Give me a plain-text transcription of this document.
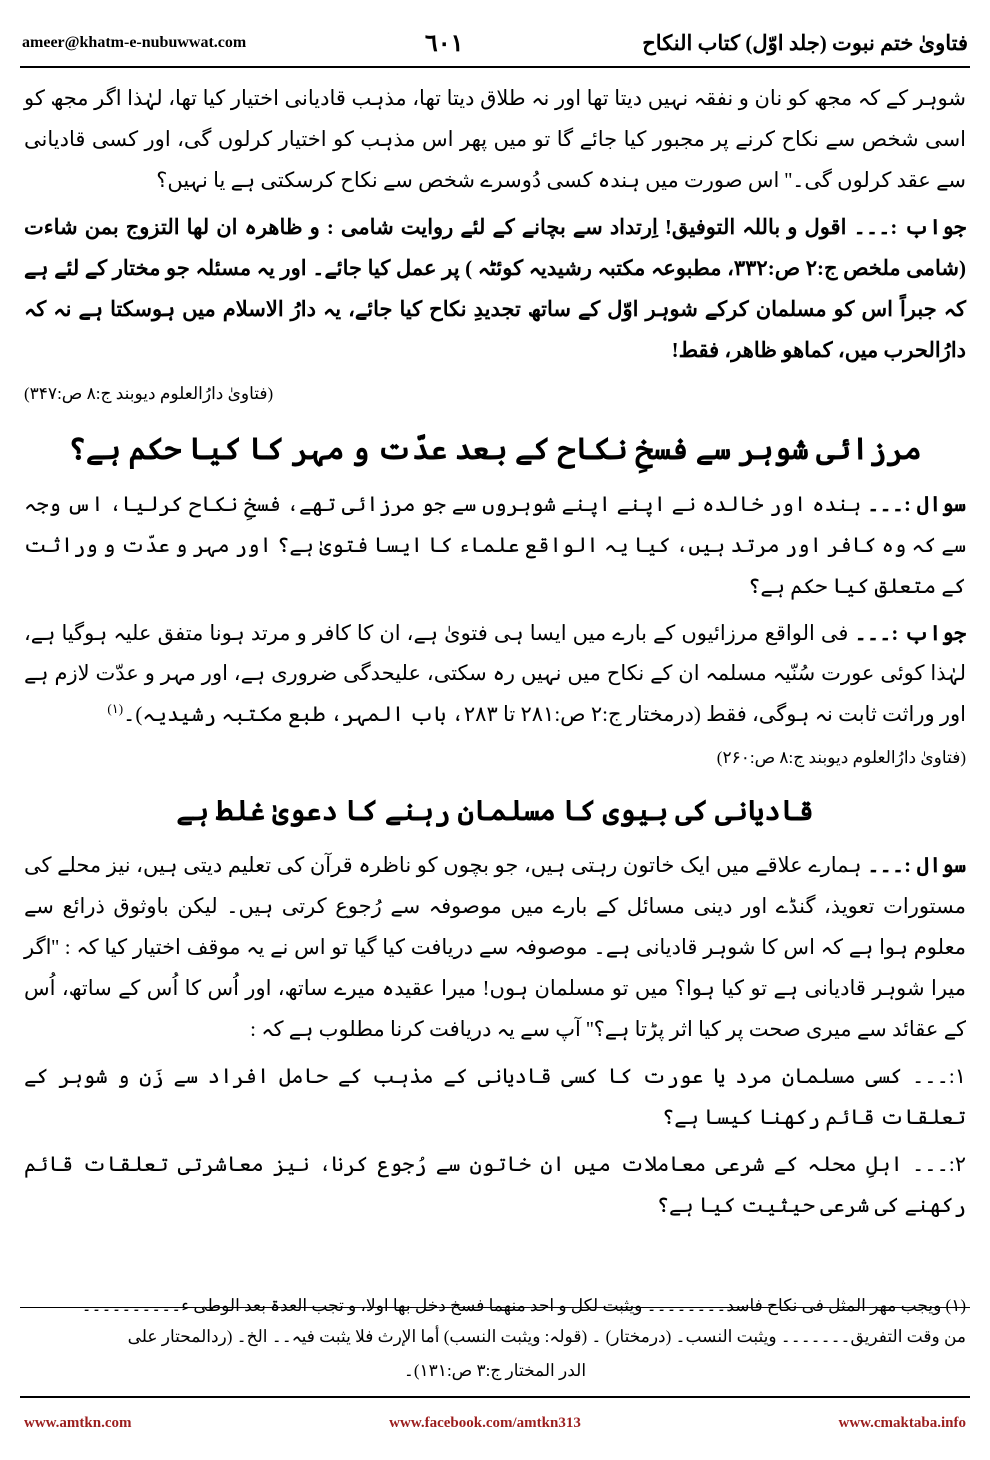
فتاویٰ ختم نبوت (جلد اوّل) کتاب النکاح
٦٠١
ameer@khatm-e-nubuwwat.com

شوہر کے کہ مجھ کو نان و نفقہ نہیں دیتا تھا اور نہ طلاق دیتا تھا، مذہب قادیانی اختیار کیا تھا، لہٰذا اگر مجھ کو اسی شخص سے نکاح کرنے پر مجبور کیا جائے گا تو میں پھر اس مذہب کو اختیار کرلوں گی، اور کسی قادیانی سے عقد کرلوں گی۔'' اس صورت میں ہندہ کسی دُوسرے شخص سے نکاح کرسکتی ہے یا نہیں؟

جواب :۔۔۔ اقول و باللہ التوفیق! اِرتداد سے بچانے کے لئے روایت شامی : و ظاھرہ ان لھا التزوج بمن شاءت (شامی ملخص ج:۲ ص:۳۳۲، مطبوعہ مکتبہ رشیدیہ کوئٹہ ) پر عمل کیا جائے۔ اور یہ مسئلہ جو مختار کے لئے ہے کہ جبراً اس کو مسلمان کرکے شوہر اوّل کے ساتھ تجدیدِ نکاح کیا جائے، یہ دارُ الاسلام میں ہوسکتا ہے نہ کہ دارُالحرب میں، کماھو ظاھر، فقط!

(فتاویٰ دارُالعلوم دیوبند ج:۸ ص:۳۴۷)
مرزائی شوہر سے فسخِ نکاح کے بعد عدّت و مہر کا کیا حکم ہے؟

سوال :۔۔۔ ہندہ اور خالدہ نے اپنے اپنے شوہروں سے جو مرزائی تھے، فسخِ نکاح کرلیا، اس وجہ سے کہ وہ کافر اور مرتد ہیں، کیا یہ الواقع علماء کا ایسا فتویٰ ہے؟ اور مہر و عدّت و وراثت کے متعلق کیا حکم ہے؟

جواب :۔۔۔ فی الواقع مرزائیوں کے بارے میں ایسا ہی فتویٰ ہے، ان کا کافر و مرتد ہونا متفق علیہ ہوگیا ہے، لہٰذا کوئی عورت سُنّیہ مسلمہ ان کے نکاح میں نہیں رہ سکتی، علیحدگی ضروری ہے، اور مہر و عدّت لازم ہے اور وراثت ثابت نہ ہوگی، فقط (درمختار ج:۲ ص:۲۸۱ تا ۲۸۳، باب المہر، طبع مکتبہ رشیدیہ)۔$^{(۱)}$

(فتاویٰ دارُالعلوم دیوبند ج:۸ ص:۲۶۰)
قادیانی کی بیوی کا مسلمان رہنے کا دعویٰ غلط ہے

سوال :۔۔۔ ہمارے علاقے میں ایک خاتون رہتی ہیں، جو بچوں کو ناظرہ قرآن کی تعلیم دیتی ہیں، نیز محلے کی مستورات تعویذ، گنڈے اور دینی مسائل کے بارے میں موصوفہ سے رُجوع کرتی ہیں۔ لیکن باوثوق ذرائع سے معلوم ہوا ہے کہ اس کا شوہر قادیانی ہے۔ موصوفہ سے دریافت کیا گیا تو اس نے یہ موقف اختیار کیا کہ : ''اگر میرا شوہر قادیانی ہے تو کیا ہوا؟ میں تو مسلمان ہوں! میرا عقیدہ میرے ساتھ، اور اُس کا اُس کے ساتھ، اُس کے عقائد سے میری صحت پر کیا اثر پڑتا ہے؟'' آپ سے یہ دریافت کرنا مطلوب ہے کہ :

۱:۔۔۔ کسی مسلمان مرد یا عورت کا کسی قادیانی کے مذہب کے حامل افراد سے زَن و شوہر کے تعلقات قائم رکھنا کیسا ہے؟

۲:۔۔۔ اہلِ محلہ کے شرعی معاملات میں ان خاتون سے رُجوع کرنا، نیز معاشرتی تعلقات قائم رکھنے کی شرعی حیثیت کیا ہے؟

(۱) ویجب مھر المثل فی نکاح فاسد۔۔۔۔۔۔۔۔ ویثبت لکل و احد منھما فسخ دخل بھا اولا، و تجب العدۃ بعد الوطی ء۔۔۔۔۔۔۔۔۔۔
من وقت التفریق۔۔۔۔۔۔۔ ویثبت النسب۔ (درمختار) ۔ (قولہ: ویثبت النسب) أما الإرث فلا یثبت فیہ۔۔ الخ۔ (ردالمحتار علی
الدر المختار ج:۳ ص:۱۳۱)۔
www.amtkn.com	www.facebook.com/amtkn313	www.cmaktaba.info
